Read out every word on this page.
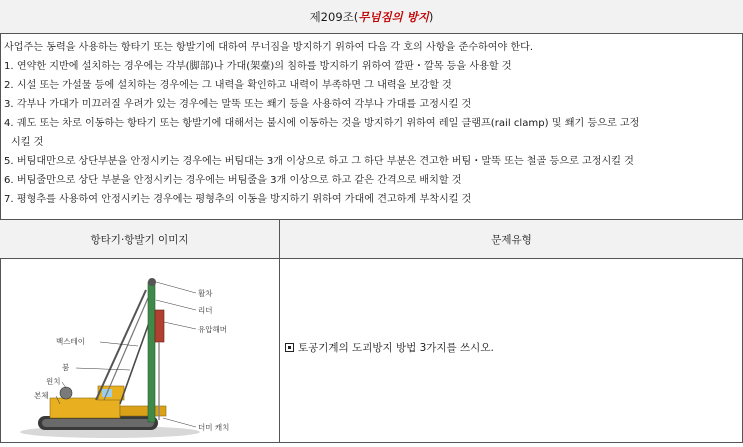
제209조(무넘짐의 방지)
사업주는 동력을 사용하는 항타기 또는 항발기에 대하여 무너짐을 방지하기 위하여 다음 각 호의 사항을 준수하여야 한다.
1. 연약한 지반에 설치하는 경우에는 각부(脚部)나 가대(架臺)의 침하를 방지하기 위하여 깔판・깔목 등을 사용할 것
2. 시설 또는 가설물 등에 설치하는 경우에는 그 내력을 확인하고 내력이 부족하면 그 내력을 보강할 것
3. 각부나 가대가 미끄러질 우려가 있는 경우에는 말뚝 또는 쐐기 등을 사용하여 각부나 가대를 고정시킬 것
4. 궤도 또는 차로 이동하는 항타기 또는 항발기에 대해서는 불시에 이동하는 것을 방지하기 위하여 레일 클램프(rail clamp) 및 쐐기 등으로 고정
시킬 것
5. 버팀대만으로 상단부분을 안정시키는 경우에는 버팀대는 3개 이상으로 하고 그 하단 부분은 견고한 버팀・말뚝 또는 철골 등으로 고정시킬 것
6. 버팀줄만으로 상단 부분을 안정시키는 경우에는 버팀줄을 3개 이상으로 하고 같은 간격으로 배치할 것
7. 평형추를 사용하여 안정시키는 경우에는 평형추의 이동을 방지하기 위하여 가대에 견고하게 부착시킬 것
항타기·항발기 이미지	문제유형
활차
리더
유압해머
백스테이
붐
윈치
본체
더미 캐치
토공기계의 도괴방지 방법 3가지를 쓰시오.
